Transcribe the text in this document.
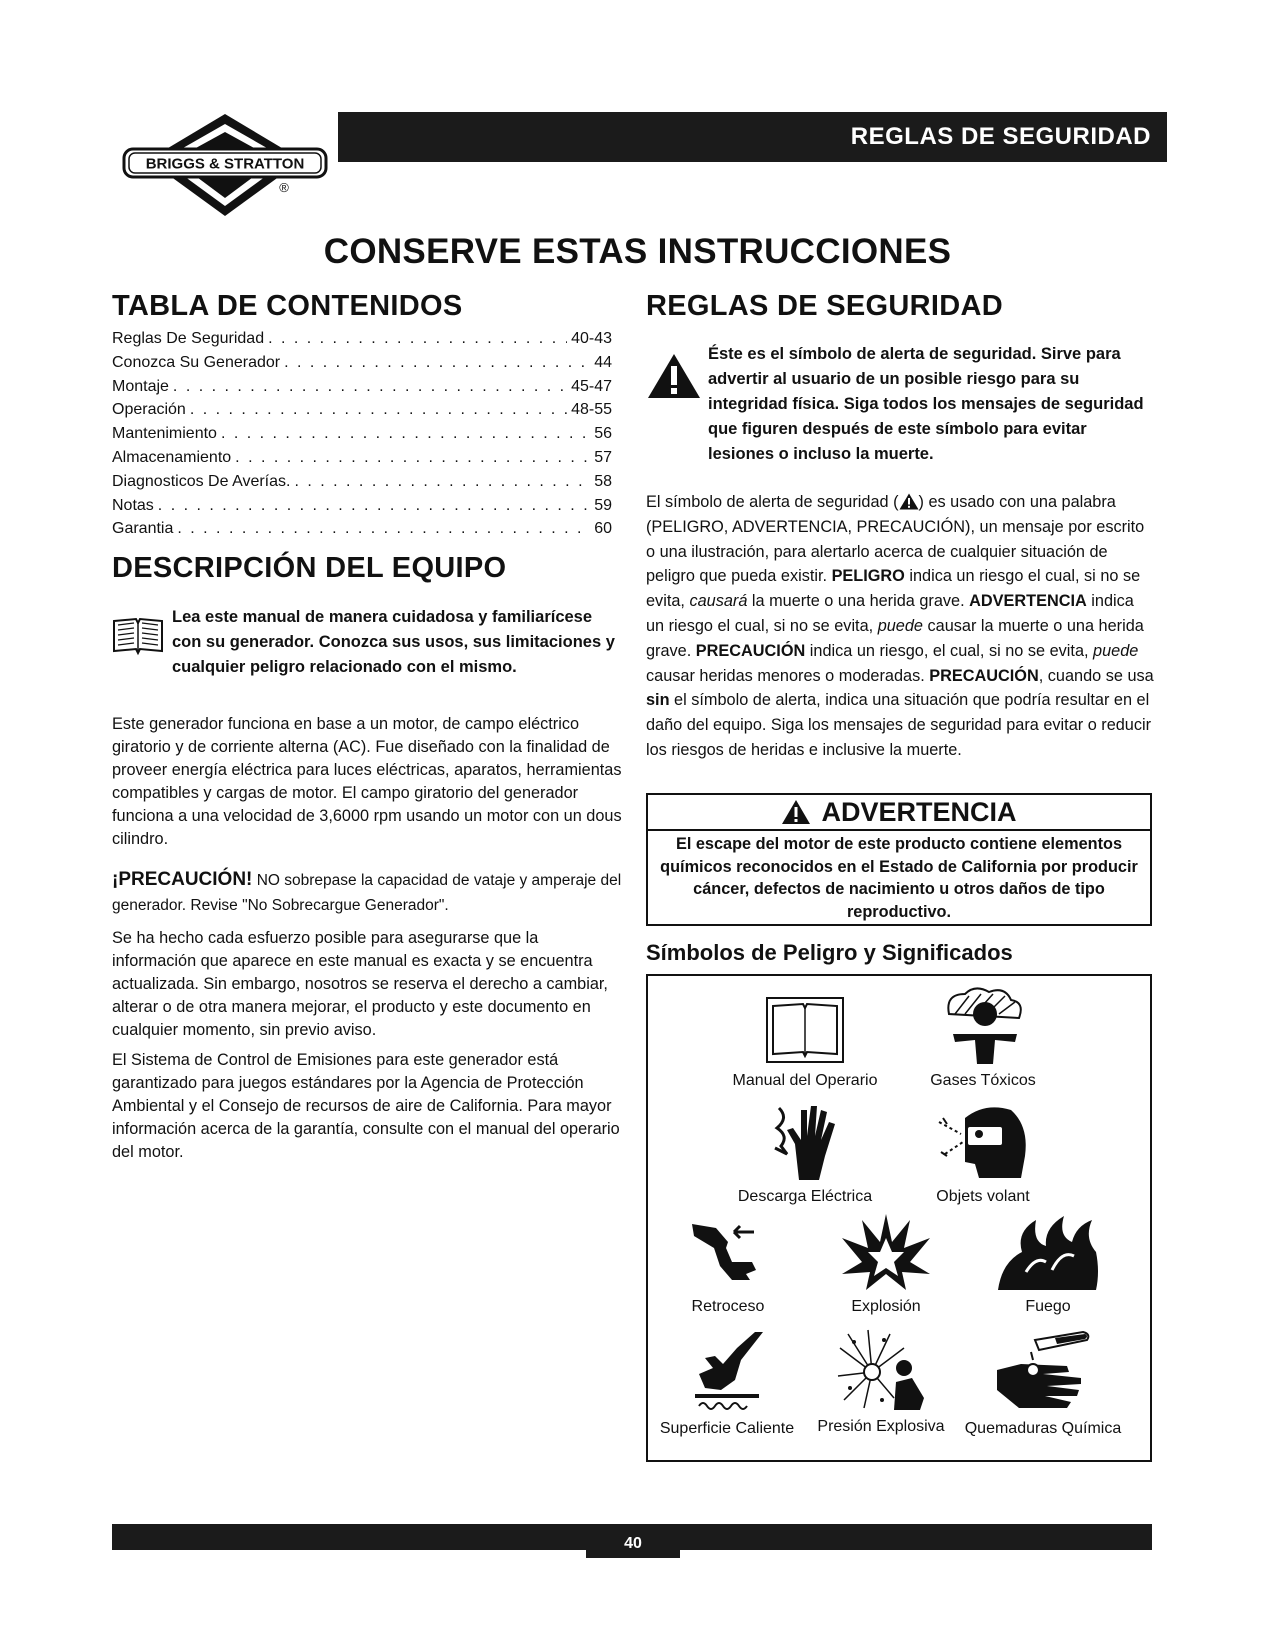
BRIGGS & STRATTON
®
REGLAS DE SEGURIDAD
CONSERVE ESTAS INSTRUCCIONES
TABLA DE CONTENIDOS
Reglas De Seguridad . . .	40-43
Conozca Su Generador . . .	44
Montaje . . .	45-47
Operación . . .	48-55
Mantenimiento . . .	56
Almacenamiento . . .	57
Diagnosticos De Averías. . . .	58
Notas . . .	59
Garantia . . .	60
DESCRIPCIÓN DEL EQUIPO
Lea este manual de manera cuidadosa y familiarícese con su generador. Conozca sus usos, sus limitaciones y cualquier peligro relacionado con el mismo.

Este generador funciona en base a un motor, de campo eléctrico giratorio y de corriente alterna (AC). Fue diseñado con la finalidad de proveer energía eléctrica para luces eléctricas, aparatos, herramientas compatibles y cargas de motor. El campo giratorio del generador funciona a una velocidad de 3,6000 rpm usando un motor con un dous cilindro.

¡PRECAUCIÓN! NO sobrepase la capacidad de vataje y amperaje del generador. Revise "No Sobrecargue Generador".

Se ha hecho cada esfuerzo posible para asegurarse que la información que aparece en este manual es exacta y se encuentra actualizada. Sin embargo, nosotros se reserva el derecho a cambiar, alterar o de otra manera mejorar, el producto y este documento en cualquier momento, sin previo aviso.

El Sistema de Control de Emisiones para este generador está garantizado para juegos estándares por la Agencia de Protección Ambiental y el Consejo de recursos de aire de California. Para mayor información acerca de la garantía, consulte con el manual del operario del motor.

REGLAS DE SEGURIDAD
Éste es el símbolo de alerta de seguridad. Sirve para advertir al usuario de un posible riesgo para su integridad física. Siga todos los mensajes de seguridad que figuren después de este símbolo para evitar lesiones o incluso la muerte.

El símbolo de alerta de seguridad ( ) es usado con una palabra (PELIGRO, ADVERTENCIA, PRECAUCIÓN), un mensaje por escrito o una ilustración, para alertarlo acerca de cualquier situación de peligro que pueda existir. PELIGRO indica un riesgo el cual, si no se evita, causará la muerte o una herida grave. ADVERTENCIA indica un riesgo el cual, si no se evita, puede causar la muerte o una herida grave. PRECAUCIÓN indica un riesgo, el cual, si no se evita, puede causar heridas menores o moderadas. PRECAUCIÓN, cuando se usa sin el símbolo de alerta, indica una situación que podría resultar en el daño del equipo. Siga los mensajes de seguridad para evitar o reducir los riesgos de heridas e inclusive la muerte.

ADVERTENCIA
El escape del motor de este producto contiene elementos químicos reconocidos en el Estado de California por producir cáncer, defectos de nacimiento u otros daños de tipo reproductivo.
Símbolos de Peligro y Significados
Manual del Operario	Gases Tóxicos
Descarga Eléctrica	Objets volant
Retroceso	Explosión	Fuego
Superficie Caliente	Presión Explosiva	Quemaduras Química
40
